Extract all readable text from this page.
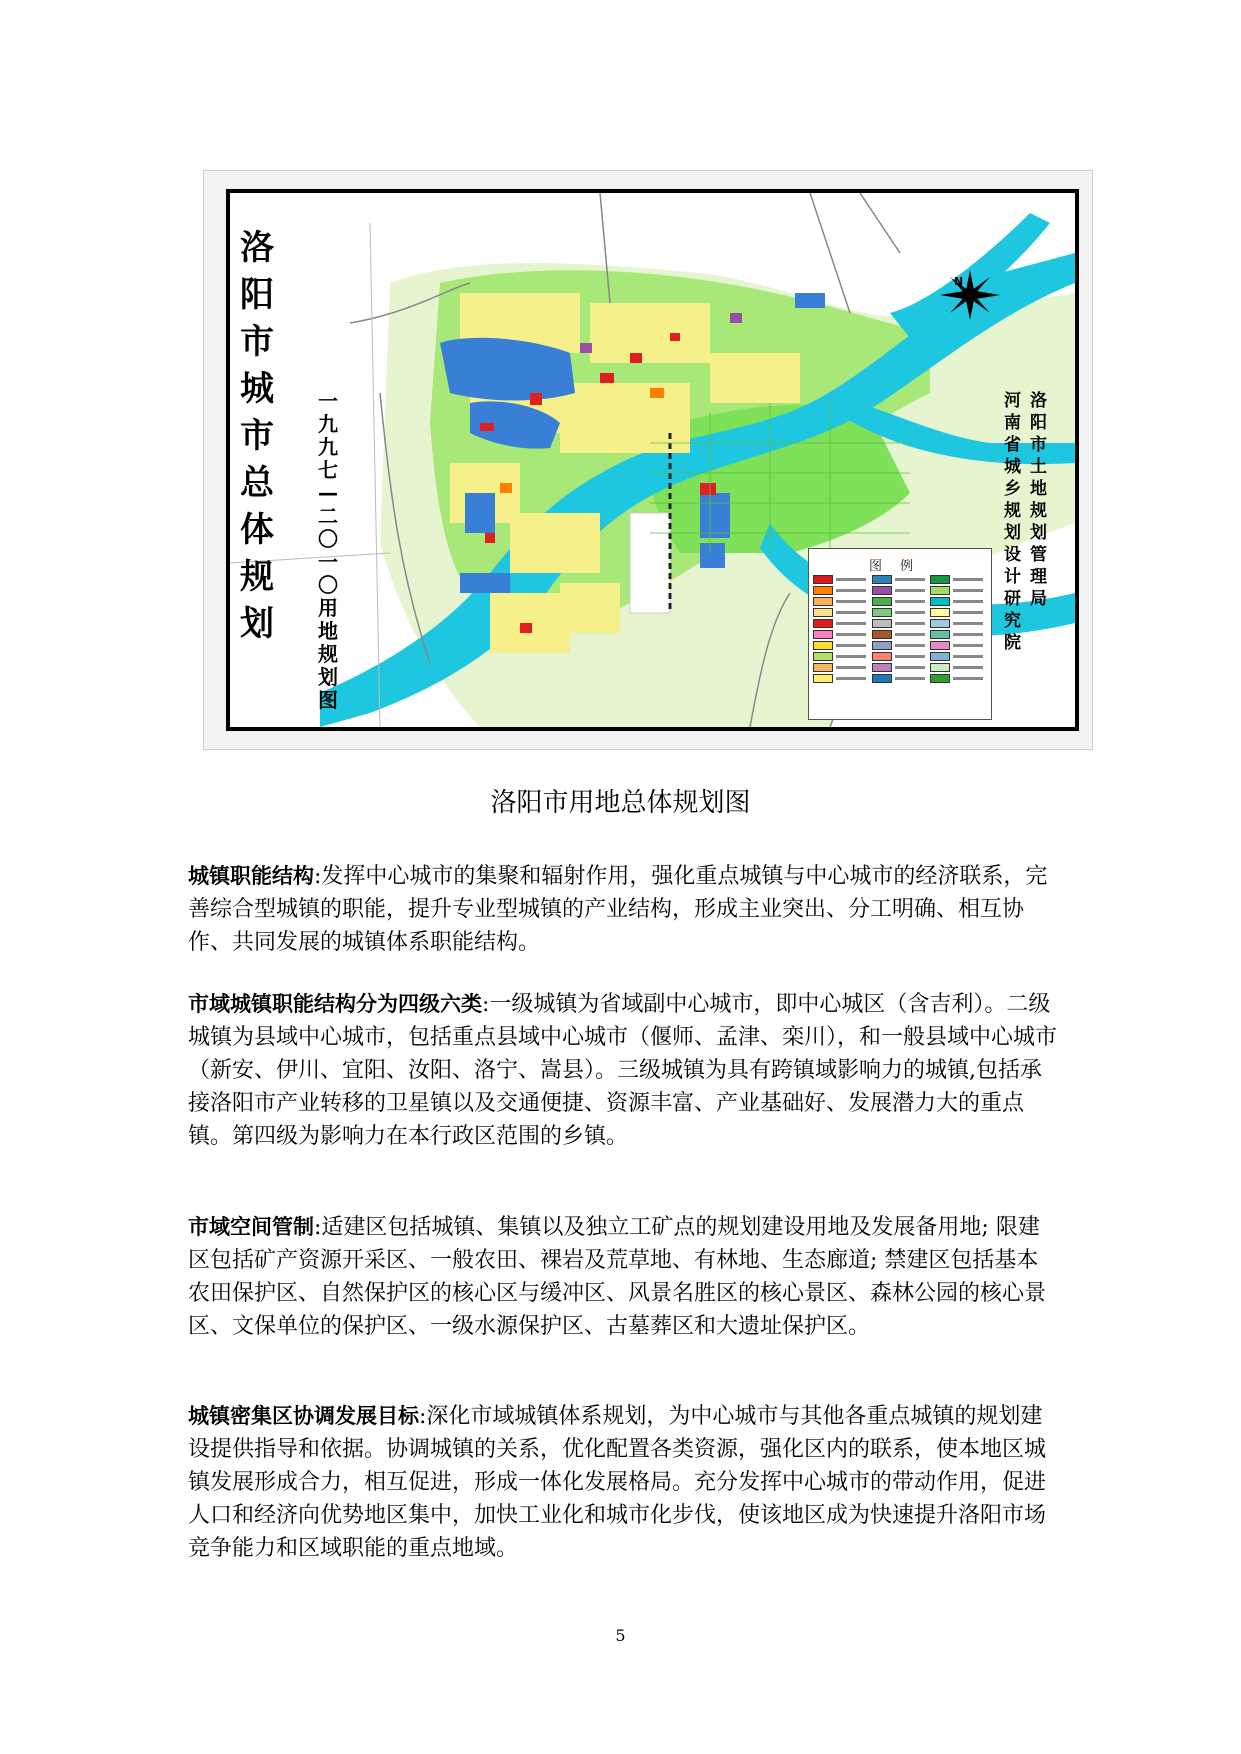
洛
阳
市
城
市
总
体
规
划
一
九
九
七
—
二
〇
一
〇
用
地
规
划
图
N
河
南
省
城
乡
规
划
设
计
研
究
院
洛
阳
市
土
地
规
划
管
理
局
图例
洛阳市用地总体规划图

城镇职能结构:发挥中心城市的集聚和辐射作用，强化重点城镇与中心城市的经济联系，完善综合型城镇的职能，提升专业型城镇的产业结构，形成主业突出、分工明确、相互协作、共同发展的城镇体系职能结构。

市域城镇职能结构分为四级六类:一级城镇为省域副中心城市，即中心城区（含吉利）。二级城镇为县域中心城市，包括重点县域中心城市（偃师、孟津、栾川），和一般县域中心城市（新安、伊川、宜阳、汝阳、洛宁、嵩县）。三级城镇为具有跨镇域影响力的城镇,包括承接洛阳市产业转移的卫星镇以及交通便捷、资源丰富、产业基础好、发展潜力大的重点镇。第四级为影响力在本行政区范围的乡镇。

市域空间管制:适建区包括城镇、集镇以及独立工矿点的规划建设用地及发展备用地; 限建区包括矿产资源开采区、一般农田、裸岩及荒草地、有林地、生态廊道; 禁建区包括基本农田保护区、自然保护区的核心区与缓冲区、风景名胜区的核心景区、森林公园的核心景区、文保单位的保护区、一级水源保护区、古墓葬区和大遗址保护区。

城镇密集区协调发展目标:深化市域城镇体系规划，为中心城市与其他各重点城镇的规划建设提供指导和依据。协调城镇的关系，优化配置各类资源，强化区内的联系，使本地区城镇发展形成合力，相互促进，形成一体化发展格局。充分发挥中心城市的带动作用，促进人口和经济向优势地区集中，加快工业化和城市化步伐，使该地区成为快速提升洛阳市场竞争能力和区域职能的重点地域。

5
